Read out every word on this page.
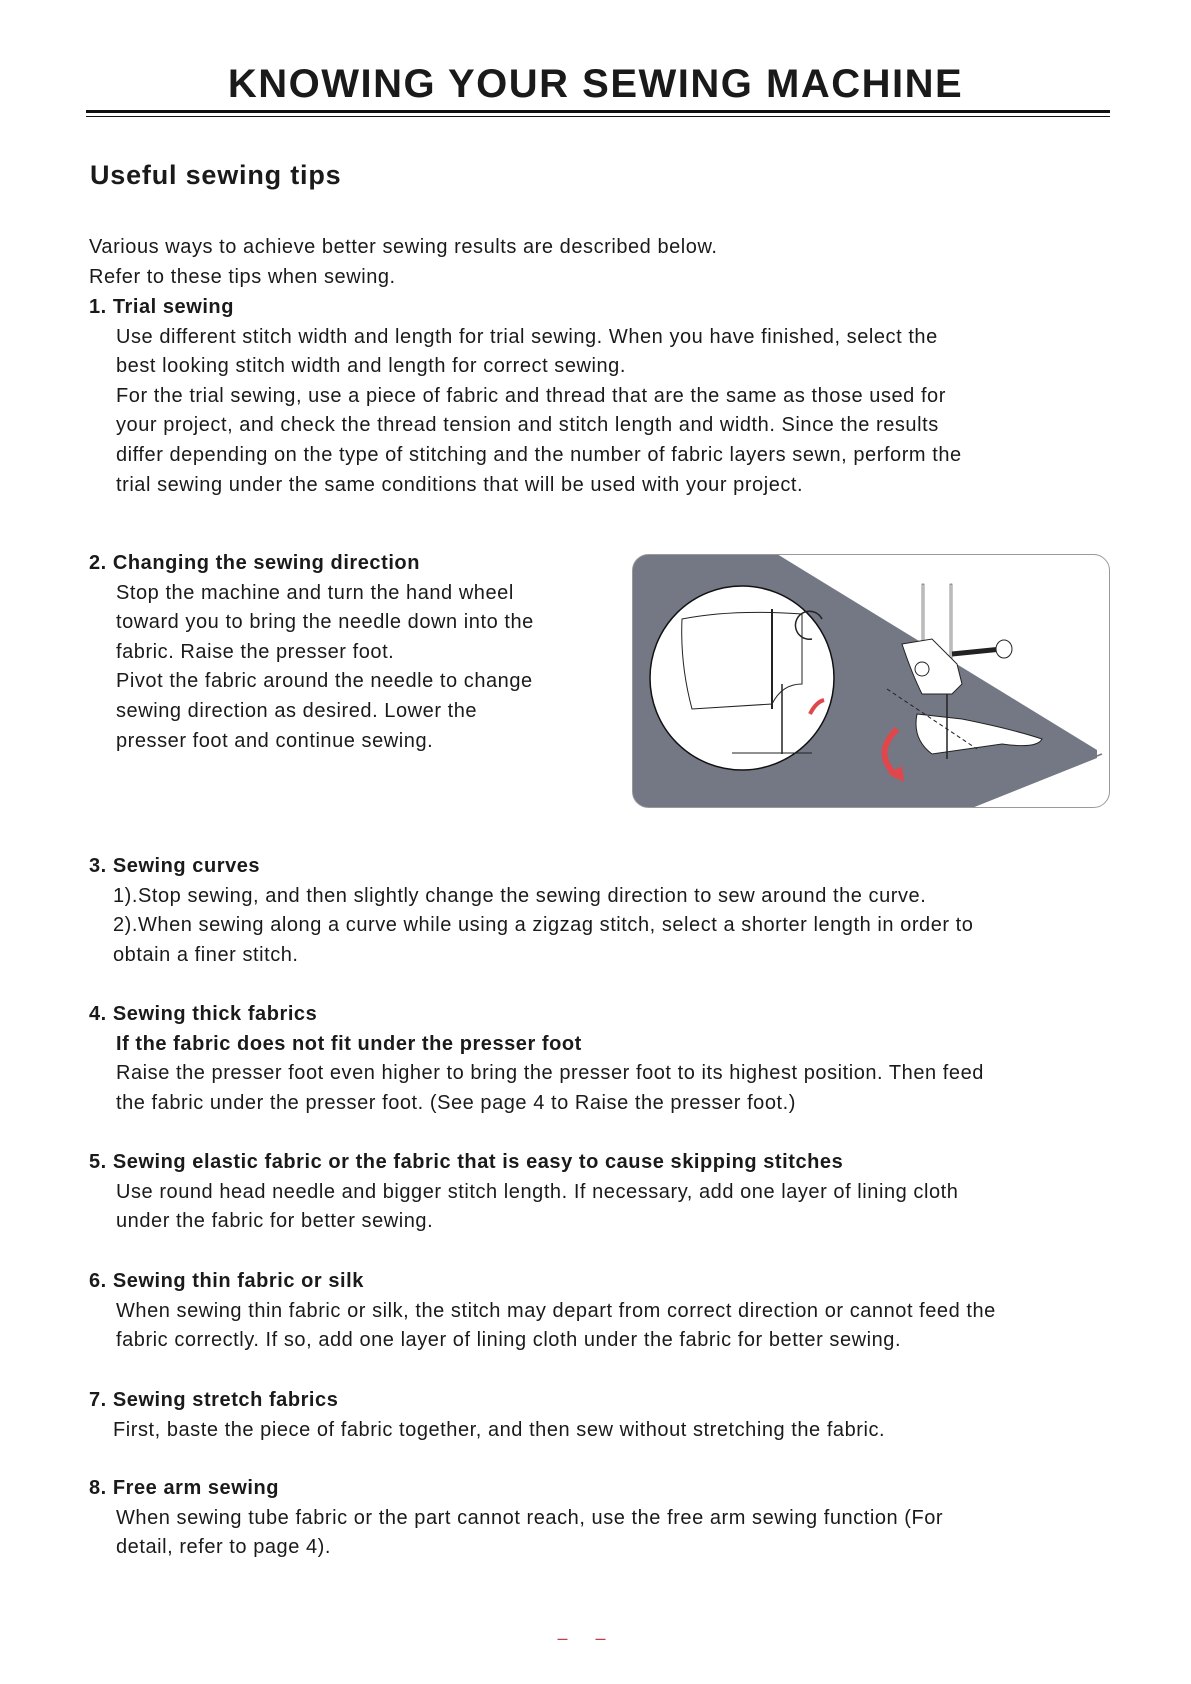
KNOWING YOUR SEWING MACHINE
Useful sewing tips
Various ways to achieve better sewing results are described below.
Refer to these tips when sewing.
1. Trial sewing
Use different stitch width and length for trial sewing. When you have finished, select the
best looking stitch width and length for correct sewing.
For the trial sewing, use a piece of fabric and thread that are the same as those used for
your project, and check the thread tension and stitch length and width. Since the results
differ depending on the type of stitching and the number of fabric layers sewn, perform the
trial sewing under the same conditions that will be used with your project.
2. Changing the sewing direction
Stop the machine and turn the hand wheel
toward you to bring the needle down into the
fabric. Raise the presser foot.
Pivot the fabric around the needle to change
sewing direction as desired. Lower the
presser foot and continue sewing.
3. Sewing curves
1).Stop sewing, and then slightly change the sewing direction to sew around the curve.
2).When sewing along a curve while using a zigzag stitch, select a shorter length in order to
obtain a finer stitch.
4. Sewing thick fabrics
If the fabric does not fit under the presser foot
Raise the presser foot even higher to bring the presser foot to its highest position. Then feed
the fabric under the presser foot. (See page 4 to Raise the presser foot.)
5. Sewing elastic fabric or the fabric that is easy to cause skipping stitches
Use round head needle and bigger stitch length. If necessary, add one layer of lining cloth
under the fabric for better sewing.
6. Sewing thin fabric or silk
When sewing thin fabric or silk, the stitch may depart from correct direction or cannot feed the
fabric correctly. If so, add one layer of lining cloth under the fabric for better sewing.
7. Sewing stretch fabrics
First, baste the piece of fabric together, and then sew without stretching the fabric.
8. Free arm sewing
When sewing tube fabric or the part cannot reach, use the free arm sewing function (For
detail, refer to page 4).
––
